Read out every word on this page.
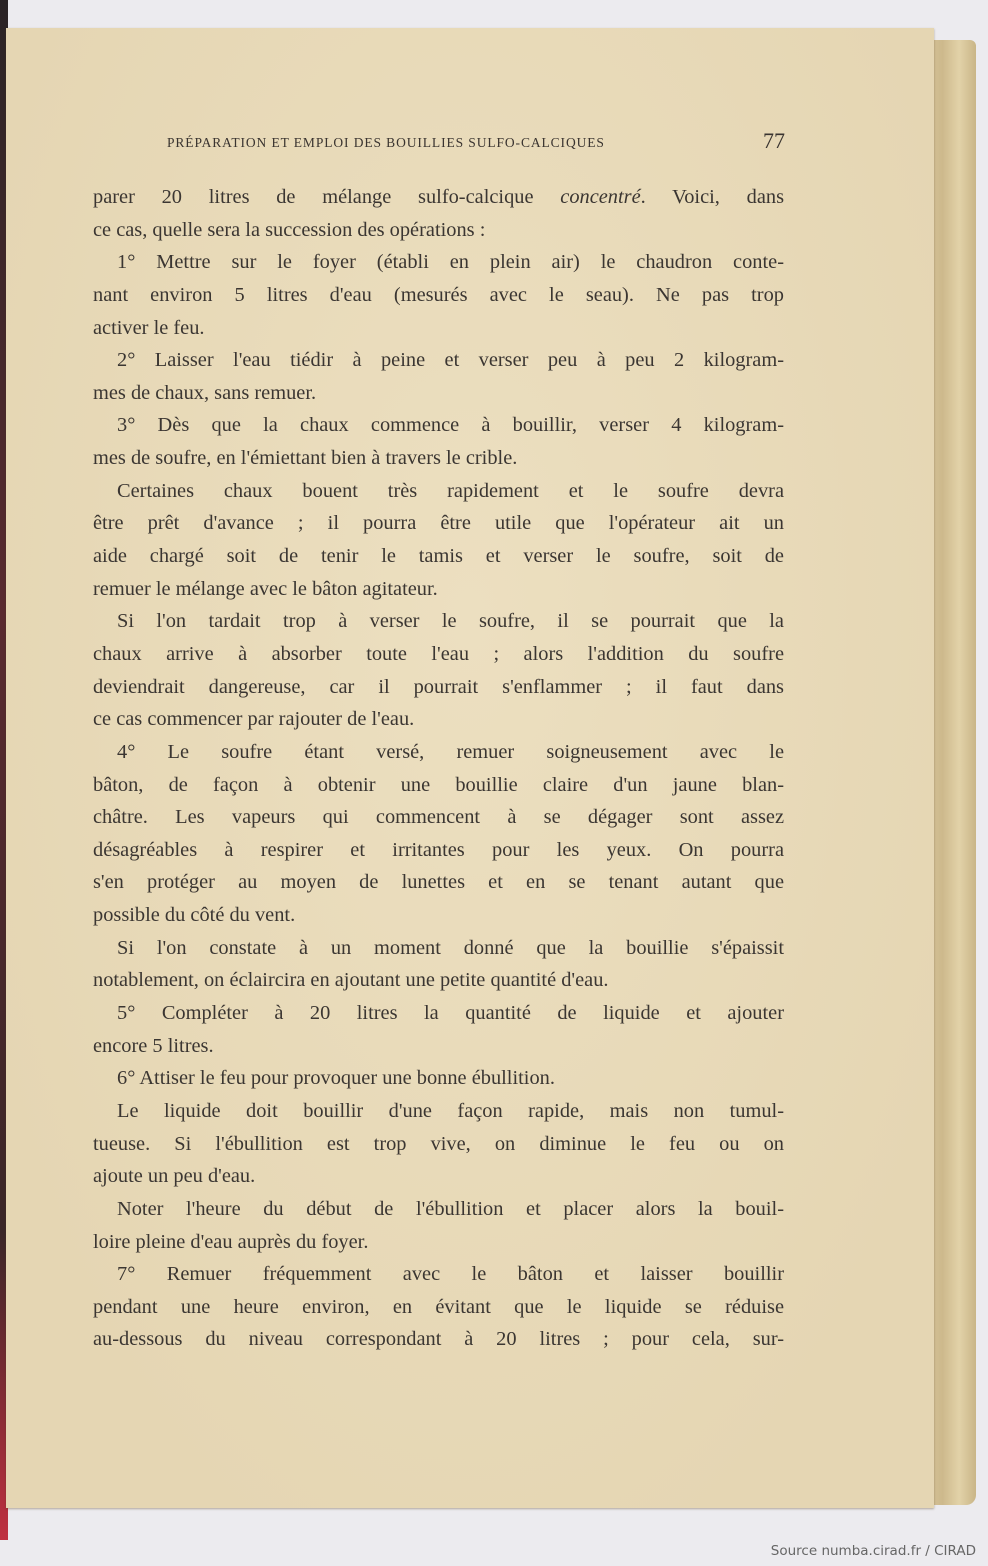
PRÉPARATION ET EMPLOI DES BOUILLIES SULFO-CALCIQUES	77
parer 20 litres de mélange sulfo-calcique concentré. Voici, dans
ce cas, quelle sera la succession des opérations :
1° Mettre sur le foyer (établi en plein air) le chaudron conte-
nant environ 5 litres d'eau (mesurés avec le seau). Ne pas trop
activer le feu.
2° Laisser l'eau tiédir à peine et verser peu à peu 2 kilogram-
mes de chaux, sans remuer.
3° Dès que la chaux commence à bouillir, verser 4 kilogram-
mes de soufre, en l'émiettant bien à travers le crible.
Certaines chaux bouent très rapidement et le soufre devra
être prêt d'avance ; il pourra être utile que l'opérateur ait un
aide chargé soit de tenir le tamis et verser le soufre, soit de
remuer le mélange avec le bâton agitateur.
Si l'on tardait trop à verser le soufre, il se pourrait que la
chaux arrive à absorber toute l'eau ; alors l'addition du soufre
deviendrait dangereuse, car il pourrait s'enflammer ; il faut dans
ce cas commencer par rajouter de l'eau.
4° Le soufre étant versé, remuer soigneusement avec le
bâton, de façon à obtenir une bouillie claire d'un jaune blan-
châtre. Les vapeurs qui commencent à se dégager sont assez
désagréables à respirer et irritantes pour les yeux. On pourra
s'en protéger au moyen de lunettes et en se tenant autant que
possible du côté du vent.
Si l'on constate à un moment donné que la bouillie s'épaissit
notablement, on éclaircira en ajoutant une petite quantité d'eau.
5° Compléter à 20 litres la quantité de liquide et ajouter
encore 5 litres.
6° Attiser le feu pour provoquer une bonne ébullition.
Le liquide doit bouillir d'une façon rapide, mais non tumul-
tueuse. Si l'ébullition est trop vive, on diminue le feu ou on
ajoute un peu d'eau.
Noter l'heure du début de l'ébullition et placer alors la bouil-
loire pleine d'eau auprès du foyer.
7° Remuer fréquemment avec le bâton et laisser bouillir
pendant une heure environ, en évitant que le liquide se réduise
au-dessous du niveau correspondant à 20 litres ; pour cela, sur-
Source numba.cirad.fr / CIRAD
